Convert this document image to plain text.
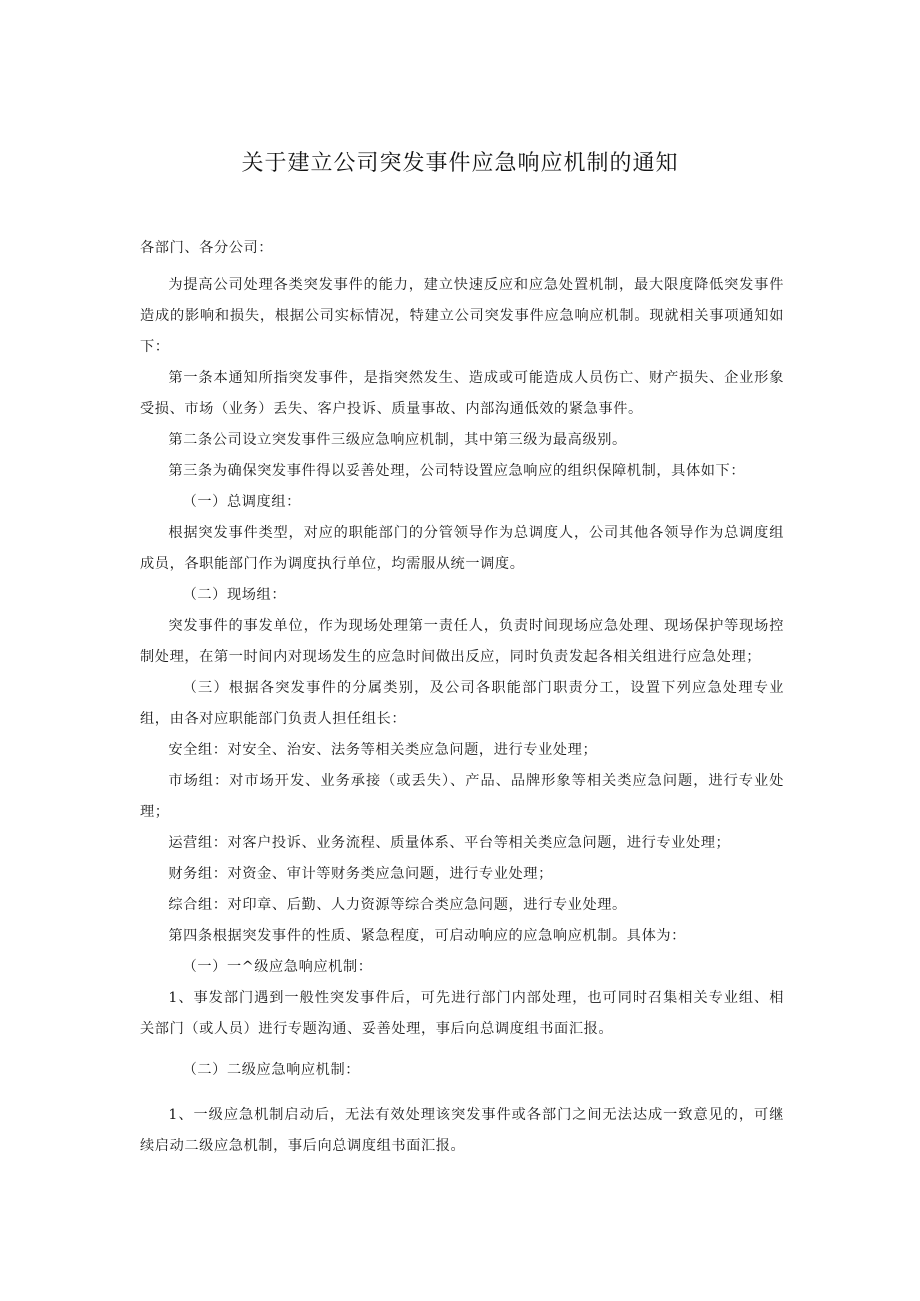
关于建立公司突发事件应急响应机制的通知

各部门、各分公司：

为提高公司处理各类突发事件的能力，建立快速反应和应急处置机制，最大限度降低突发事件造成的影响和损失，根据公司实标情况，特建立公司突发事件应急响应机制。现就相关事项通知如下：

第一条本通知所指突发事件，是指突然发生、造成或可能造成人员伤亡、财产损失、企业形象受损、市场（业务）丢失、客户投诉、质量事故、内部沟通低效的紧急事件。

第二条公司设立突发事件三级应急响应机制，其中第三级为最高级别。

第三条为确保突发事件得以妥善处理，公司特设置应急响应的组织保障机制，具体如下：

（一）总调度组：

根据突发事件类型，对应的职能部门的分管领导作为总调度人，公司其他各领导作为总调度组成员，各职能部门作为调度执行单位，均需服从统一调度。

（二）现场组：

突发事件的事发单位，作为现场处理第一责任人，负责时间现场应急处理、现场保护等现场控制处理，在第一时间内对现场发生的应急时间做出反应，同时负责发起各相关组进行应急处理；

（三）根据各突发事件的分属类别，及公司各职能部门职责分工，设置下列应急处理专业组，由各对应职能部门负责人担任组长：

安全组：对安全、治安、法务等相关类应急问题，进行专业处理；

市场组：对市场开发、业务承接（或丢失）、产品、品牌形象等相关类应急问题，进行专业处理；

运营组：对客户投诉、业务流程、质量体系、平台等相关类应急问题，进行专业处理；

财务组：对资金、审计等财务类应急问题，进行专业处理；

综合组：对印章、后勤、人力资源等综合类应急问题，进行专业处理。

第四条根据突发事件的性质、紧急程度，可启动响应的应急响应机制。具体为：

（一）一^级应急响应机制：

1、事发部门遇到一般性突发事件后，可先进行部门内部处理，也可同时召集相关专业组、相关部门（或人员）进行专题沟通、妥善处理，事后向总调度组书面汇报。

（二）二级应急响应机制：

1、一级应急机制启动后，无法有效处理该突发事件或各部门之间无法达成一致意见的，可继续启动二级应急机制，事后向总调度组书面汇报。
